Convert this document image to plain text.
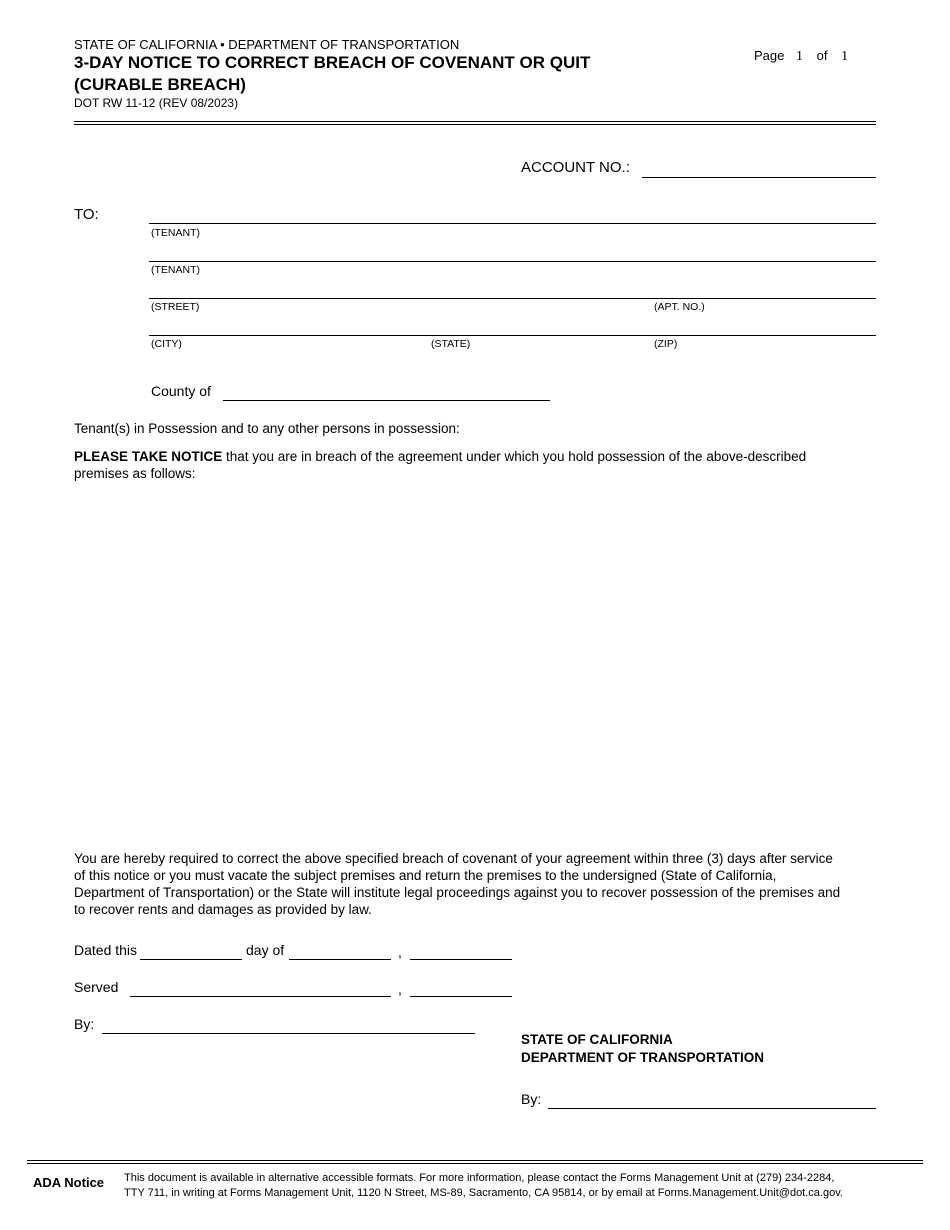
STATE OF CALIFORNIA • DEPARTMENT OF TRANSPORTATION
3-DAY NOTICE TO CORRECT BREACH OF COVENANT OR QUIT
(CURABLE BREACH)
DOT RW 11-12 (REV 08/2023)
Page 1 of 1
ACCOUNT NO.:
TO:
(TENANT)
(TENANT)
(STREET)	(APT. NO.)
(CITY)	(STATE)	(ZIP)
County of
Tenant(s) in Possession and to any other persons in possession:
PLEASE TAKE NOTICE that you are in breach of the agreement under which you hold possession of the above-described
premises as follows:
You are hereby required to correct the above specified breach of covenant of your agreement within three (3) days after service
of this notice or you must vacate the subject premises and return the premises to the undersigned (State of California,
Department of Transportation) or the State will institute legal proceedings against you to recover possession of the premises and
to recover rents and damages as provided by law.
Dated this	day of	,
Served	,
By:
STATE OF CALIFORNIA
DEPARTMENT OF TRANSPORTATION
By:
ADA Notice This document is available in alternative accessible formats. For more information, please contact the Forms Management Unit at (279) 234-2284,
TTY 711, in writing at Forms Management Unit, 1120 N Street, MS-89, Sacramento, CA 95814, or by email at Forms.Management.Unit@dot.ca.gov.
